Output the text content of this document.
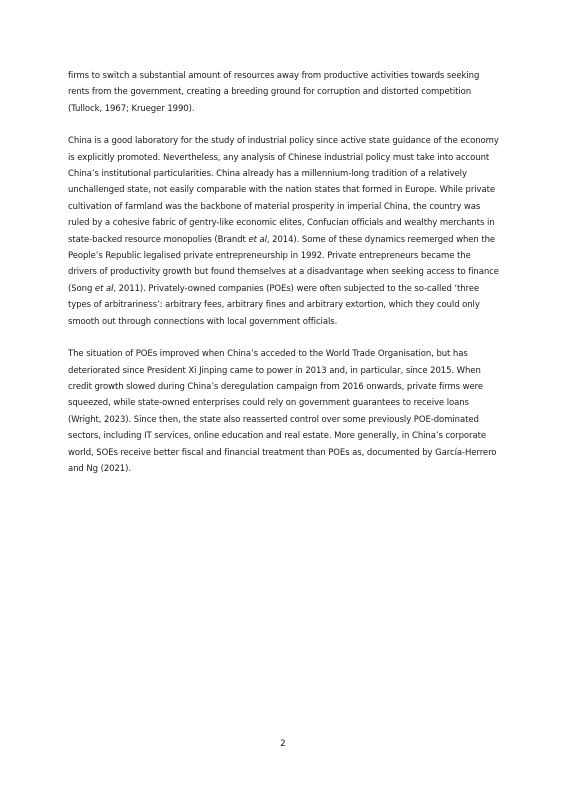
firms to switch a substantial amount of resources away from productive activities towards seeking
rents from the government, creating a breeding ground for corruption and distorted competition
(Tullock, 1967; Krueger 1990).

China is a good laboratory for the study of industrial policy since active state guidance of the economy
is explicitly promoted. Nevertheless, any analysis of Chinese industrial policy must take into account
China’s institutional particularities. China already has a millennium-long tradition of a relatively
unchallenged state, not easily comparable with the nation states that formed in Europe. While private
cultivation of farmland was the backbone of material prosperity in imperial China, the country was
ruled by a cohesive fabric of gentry-like economic elites, Confucian officials and wealthy merchants in
state-backed resource monopolies (Brandt et al, 2014). Some of these dynamics reemerged when the
People’s Republic legalised private entrepreneurship in 1992. Private entrepreneurs became the
drivers of productivity growth but found themselves at a disadvantage when seeking access to finance
(Song et al, 2011). Privately-owned companies (POEs) were often subjected to the so-called ‘three
types of arbitrariness’: arbitrary fees, arbitrary fines and arbitrary extortion, which they could only
smooth out through connections with local government officials.

The situation of POEs improved when China’s acceded to the World Trade Organisation, but has
deteriorated since President Xi Jinping came to power in 2013 and, in particular, since 2015. When
credit growth slowed during China’s deregulation campaign from 2016 onwards, private firms were
squeezed, while state-owned enterprises could rely on government guarantees to receive loans
(Wright, 2023). Since then, the state also reasserted control over some previously POE-dominated
sectors, including IT services, online education and real estate. More generally, in China’s corporate
world, SOEs receive better fiscal and financial treatment than POEs as, documented by García-Herrero
and Ng (2021).

2
